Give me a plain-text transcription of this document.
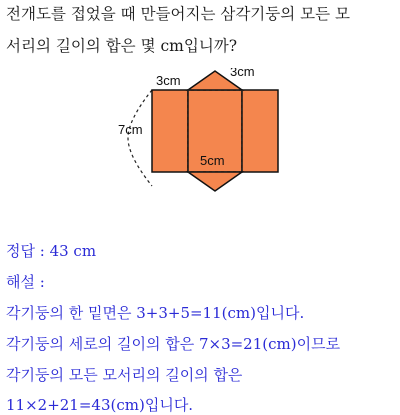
전개도를 접었을 때 만들어지는 삼각기둥의 모든 모
서리의 길이의 합은 몇 cm입니까?
3cm
3cm
7cm
5cm
정답 : 43 cm
해설 :
각기둥의 한 밑면은 3+3+5=11(cm)입니다.
각기둥의 세로의 길이의 합은 7×3=21(cm)이므로
각기둥의 모든 모서리의 길이의 합은
11×2+21=43(cm)입니다.
